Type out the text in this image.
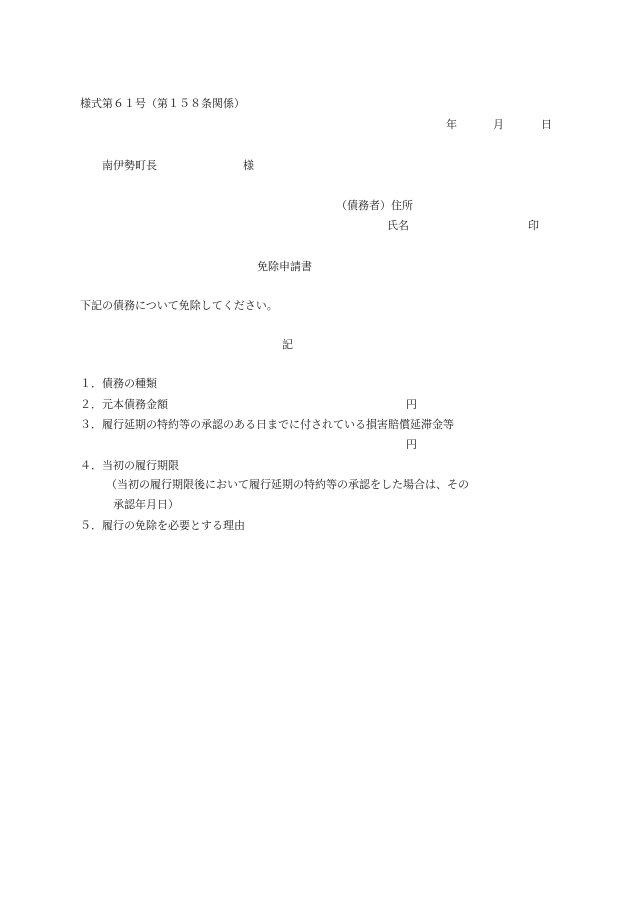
様式第６１号（第１５８条関係）
年	月	日
南伊勢町長	様
（債務者）住所
氏名	印
免除申請書
下記の債務について免除してください。
記
１． 債務の種類
２． 元本債務金額	円
３． 履行延期の特約等の承認のある日までに付されている損害賠償延滞金等
円
４． 当初の履行期限
（当初の履行期限後において履行延期の特約等の承認をした場合は、その
承認年月日）
５． 履行の免除を必要とする理由
